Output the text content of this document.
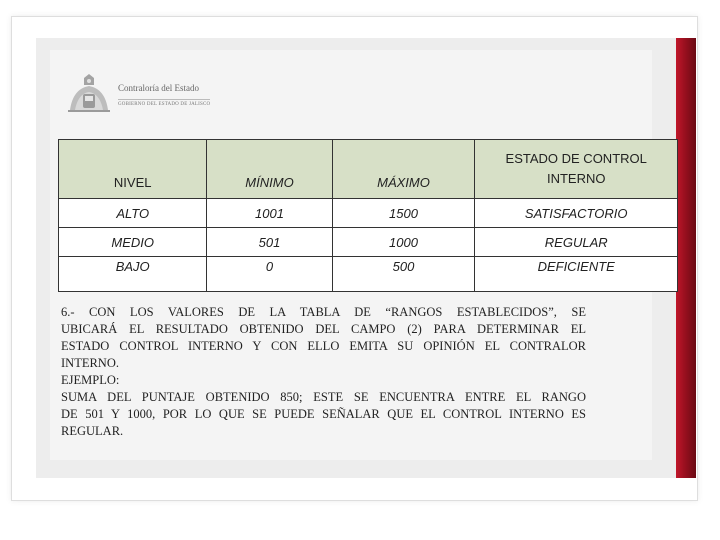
Contraloría del Estado
GOBIERNO DEL ESTADO DE JALISCO
NIVEL	MÍNIMO	MÁXIMO	ESTADO DE CONTROL
INTERNO
ALTO	1001	1500	SATISFACTORIO
MEDIO	501	1000	REGULAR
BAJO	0	500	DEFICIENTE

6.- CON LOS VALORES DE LA TABLA DE “RANGOS ESTABLECIDOS”, SE

UBICARÁ EL RESULTADO OBTENIDO DEL CAMPO (2) PARA DETERMINAR EL

ESTADO CONTROL INTERNO Y CON ELLO EMITA SU OPINIÓN EL CONTRALOR

INTERNO.

EJEMPLO:

SUMA DEL PUNTAJE OBTENIDO 850; ESTE SE ENCUENTRA ENTRE EL RANGO

DE 501 Y 1000, POR LO QUE SE PUEDE SEÑALAR QUE EL CONTROL INTERNO ES

REGULAR.
